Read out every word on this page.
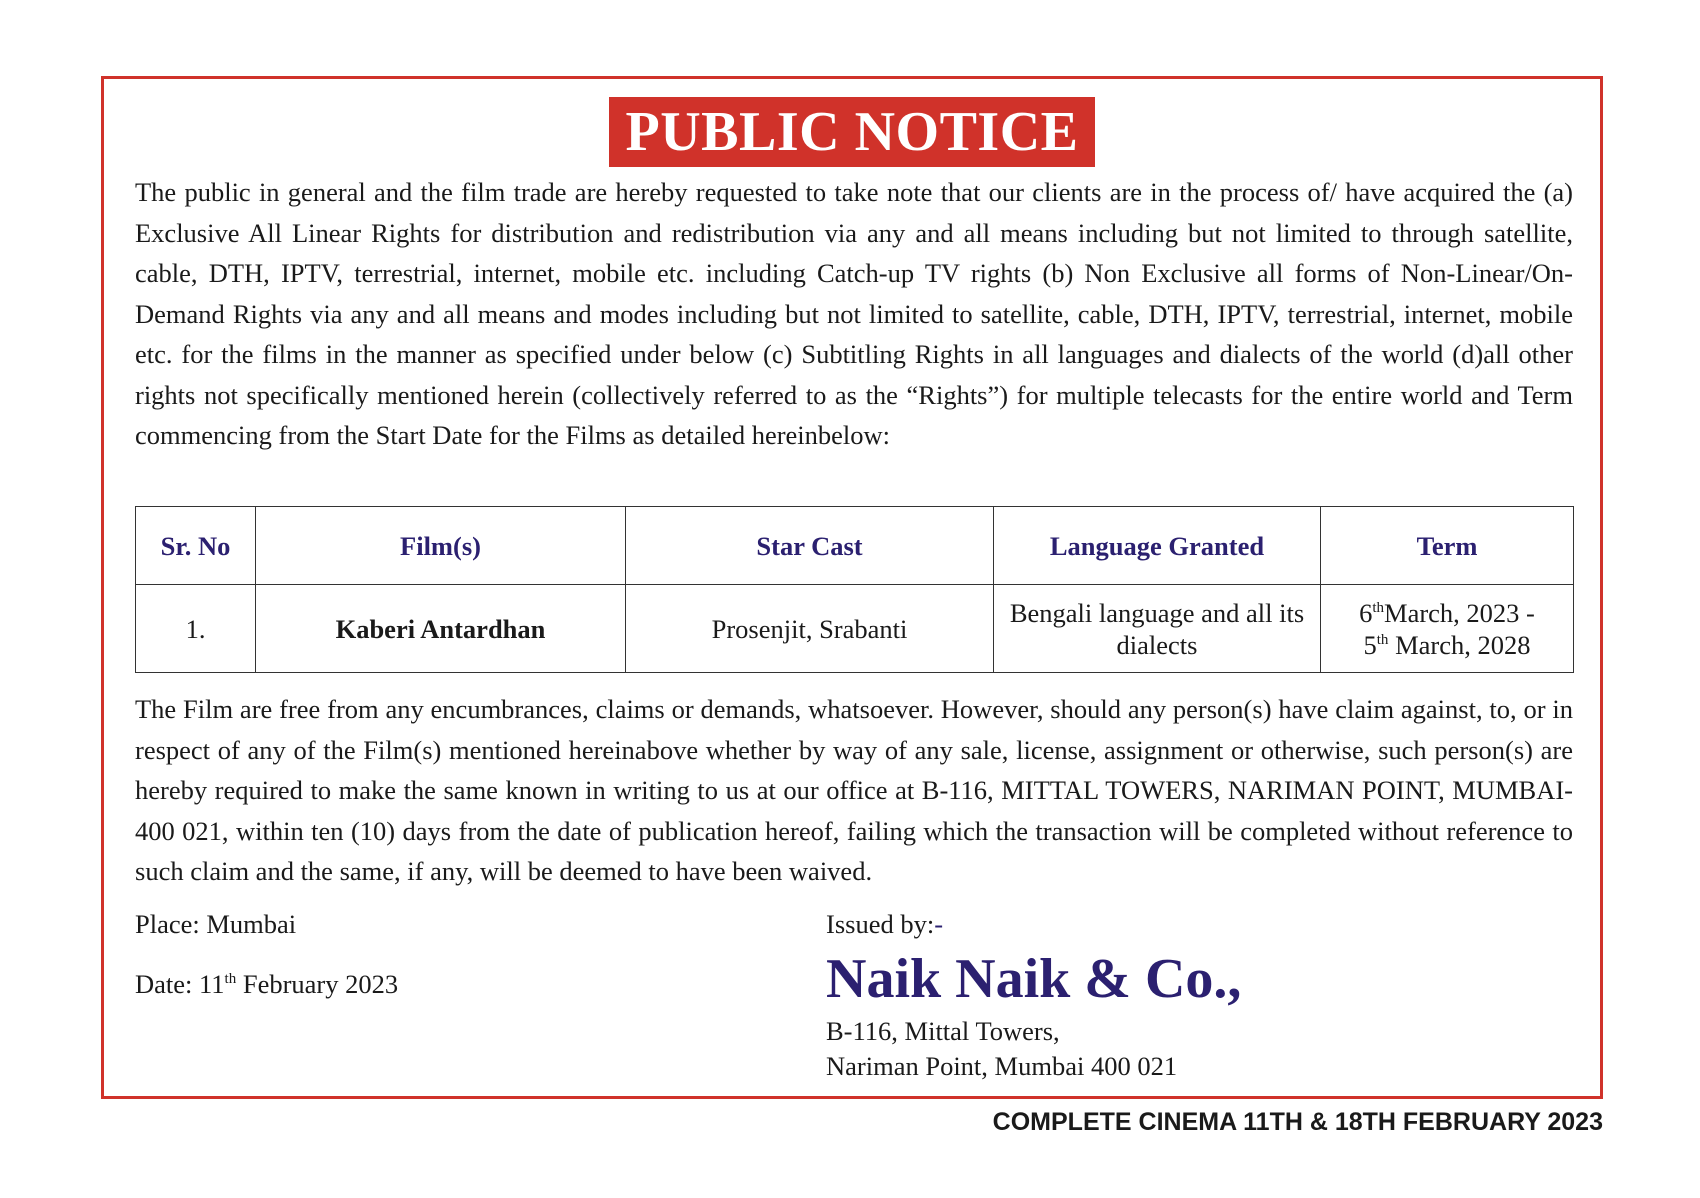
PUBLIC NOTICE

The public in general and the film trade are hereby requested to take note that our clients are in the process of/ have acquired the (a) Exclusive All Linear Rights for distribution and redistribution via any and all means including but not limited to through satellite, cable, DTH, IPTV, terrestrial, internet, mobile etc. including Catch-up TV rights (b) Non Exclusive all forms of Non-Linear/On-Demand Rights via any and all means and modes including but not limited to satellite, cable, DTH, IPTV, terrestrial, internet, mobile etc. for the films in the manner as specified under below (c) Subtitling Rights in all languages and dialects of the world (d)all other rights not specifically mentioned herein (collectively referred to as the “Rights”) for multiple telecasts for the entire world and Term commencing from the Start Date for the Films as detailed hereinbelow:

Sr. No	Film(s)	Star Cast	Language Granted	Term
1.	Kaberi Antardhan	Prosenjit, Srabanti	Bengali language and all its dialects	6thMarch, 2023 -
5th March, 2028

The Film are free from any encumbrances, claims or demands, whatsoever. However, should any person(s) have claim against, to, or in respect of any of the Film(s) mentioned hereinabove whether by way of any sale, license, assignment or otherwise, such person(s) are hereby required to make the same known in writing to us at our office at B-116, MITTAL TOWERS, NARIMAN POINT, MUMBAI- 400 021, within ten (10) days from the date of publication hereof, failing which the transaction will be completed without reference to such claim and the same, if any, will be deemed to have been waived.

Place: Mumbai

Date: 11th February 2023

Issued by:-

Naik Naik & Co.,

B-116, Mittal Towers,
Nariman Point, Mumbai 400 021

COMPLETE CINEMA 11TH & 18TH FEBRUARY 2023
